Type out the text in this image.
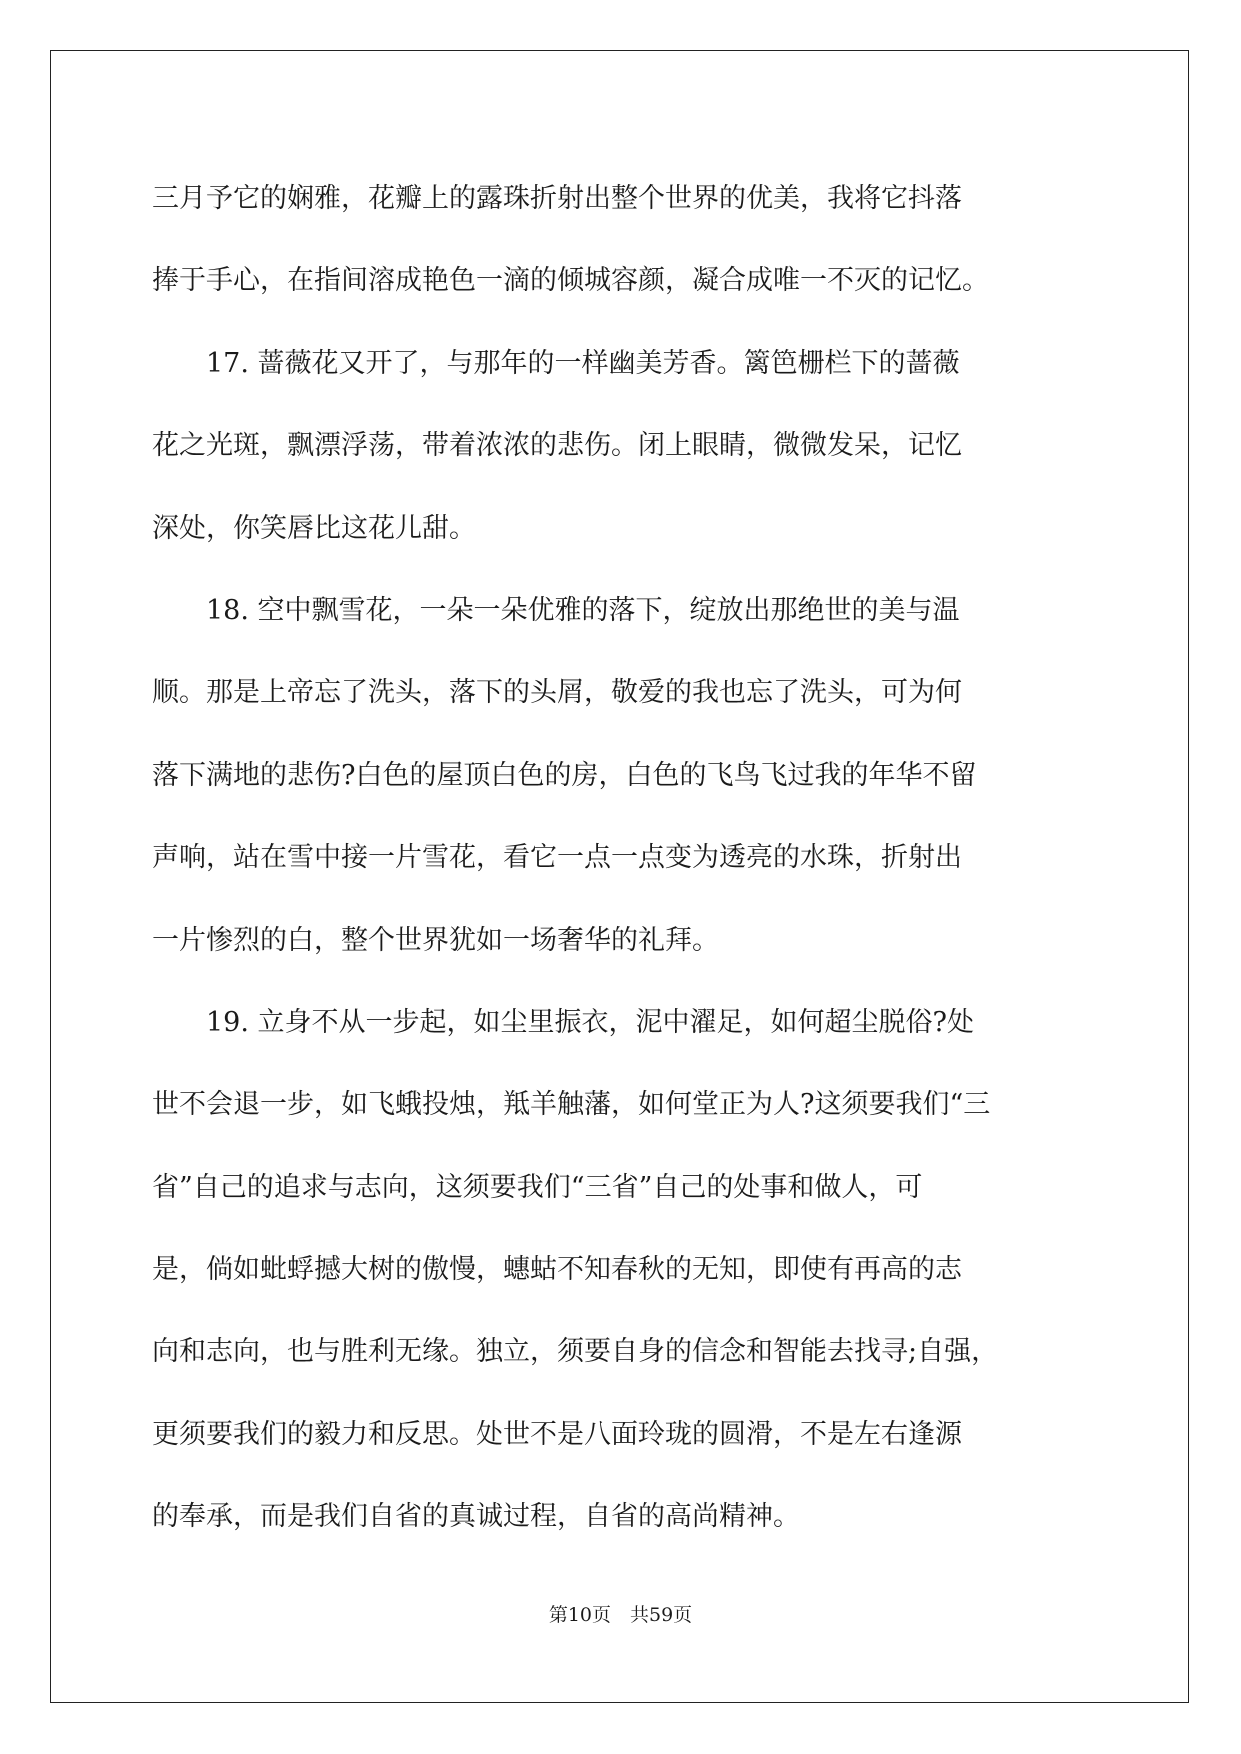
三月予它的娴雅，花瓣上的露珠折射出整个世界的优美，我将它抖落
捧于手心，在指间溶成艳色一滴的倾城容颜，凝合成唯一不灭的记忆。
17. 蔷薇花又开了，与那年的一样幽美芳香。篱笆栅栏下的蔷薇
花之光斑，飘漂浮荡，带着浓浓的悲伤。闭上眼睛，微微发呆，记忆
深处，你笑唇比这花儿甜。
18. 空中飘雪花，一朵一朵优雅的落下，绽放出那绝世的美与温
顺。那是上帝忘了洗头，落下的头屑，敬爱的我也忘了洗头，可为何
落下满地的悲伤?白色的屋顶白色的房，白色的飞鸟飞过我的年华不留
声响，站在雪中接一片雪花，看它一点一点变为透亮的水珠，折射出
一片惨烈的白，整个世界犹如一场奢华的礼拜。
19. 立身不从一步起，如尘里振衣，泥中濯足，如何超尘脱俗?处
世不会退一步，如飞蛾投烛，羝羊触藩，如何堂正为人?这须要我们“三
省”自己的追求与志向，这须要我们“三省”自己的处事和做人，可
是，倘如蚍蜉撼大树的傲慢，蟪蛄不知春秋的无知，即使有再高的志
向和志向，也与胜利无缘。独立，须要自身的信念和智能去找寻;自强，
更须要我们的毅力和反思。处世不是八面玲珑的圆滑，不是左右逢源
的奉承，而是我们自省的真诚过程，自省的高尚精神。
第10页　共59页
